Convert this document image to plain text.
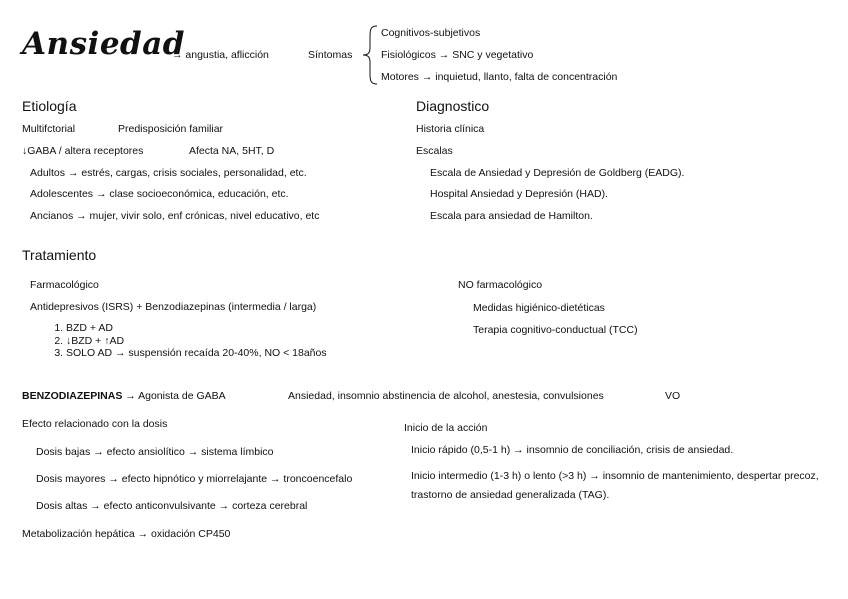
Ansiedad
→ angustia, aflicción	Síntomas
Cognitivos-subjetivos
Fisiológicos → SNC y vegetativo
Motores → inquietud, llanto, falta de concentración
Etiología
Multifctorial	Predisposición familiar
↓GABA / altera receptores	Afecta NA, 5HT, D
Adultos → estrés, cargas, crisis sociales, personalidad, etc.
Adolescentes → clase socioeconómica, educación, etc.
Ancianos → mujer, vivir solo, enf crónicas, nivel educativo, etc
Diagnostico
Historia clínica
Escalas
Escala de Ansiedad y Depresión de Goldberg (EADG).
Hospital Ansiedad y Depresión (HAD).
Escala para ansiedad de Hamilton.
Tratamiento
Farmacológico
Antidepresivos (ISRS) + Benzodiazepinas (intermedia / larga)
1. BZD + AD
2. ↓BZD + ↑AD
3. SOLO AD → suspensión recaída 20-40%, NO < 18años
NO farmacológico
Medidas higiénico-dietéticas
Terapia cognitivo-conductual (TCC)
BENZODIAZEPINAS → Agonista de GABA	Ansiedad, insomnio abstinencia de alcohol, anestesia, convulsiones	VO
Efecto relacionado con la dosis
Dosis bajas → efecto ansiolítico → sistema límbico
Dosis mayores → efecto hipnótico y miorrelajante → troncoencefalo
Dosis altas → efecto anticonvulsivante → corteza cerebral
Metabolización hepática → oxidación CP450
Inicio de la acción
Inicio rápido (0,5-1 h) → insomnio de conciliación, crisis de ansiedad.
Inicio intermedio (1-3 h) o lento (>3 h) → insomnio de mantenimiento, despertar precoz,
trastorno de ansiedad generalizada (TAG).
